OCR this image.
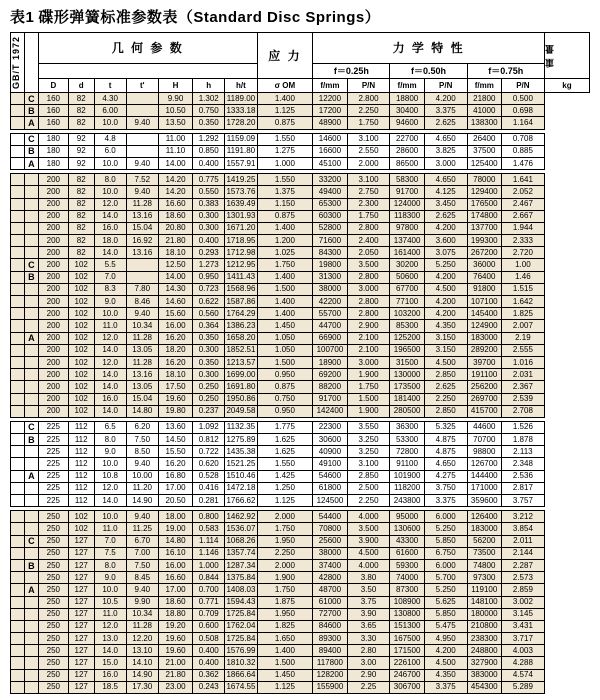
表1 碟形弹簧标准参数表（Standard Disc Springs）
GB/T 1972		几 何 参 数							应 力	力 学 特 性						重 量

										f＝0.25h		f＝0.50h		f＝0.75h		
		D	d	t	t'	H	h	h/t	σ OM	f/mm	P/N	f/mm	P/N	f/mm	P/N	kg
	C	160	82	4.30		9.90	1.302	1189.00	1.400	12200	2.800	18800	4.200	21800	0.500	
	B	160	82	6.00		10.50	0.750	1333.18	1.125	17200	2.250	30400	3.375	41000	0.698	
	A	160	82	10.0	9.40	13.50	0.350	1728.20	0.875	48900	1.750	94600	2.625	138300	1.164	

	C	180	92	4.8		11.00	1.292	1159.09	1.550	14600	3.100	22700	4.650	26400	0.708	
	B	180	92	6.0		11.10	0.850	1191.80	1.275	16600	2.550	28600	3.825	37500	0.885	
	A	180	92	10.0	9.40	14.00	0.400	1557.91	1.000	45100	2.000	86500	3.000	125400	1.476	

		200	82	8.0	7.52	14.20	0.775	1419.25	1.550	33200	3.100	58300	4.650	78000	1.641	
		200	82	10.0	9.40	14.20	0.550	1573.76	1.375	49400	2.750	91700	4.125	129400	2.052	
		200	82	12.0	11.28	16.60	0.383	1639.49	1.150	65300	2.300	124000	3.450	176500	2.467	
		200	82	14.0	13.16	18.60	0.300	1301.93	0.875	60300	1.750	118300	2.625	174800	2.667	
		200	82	16.0	15.04	20.80	0.300	1671.20	1.400	52800	2.800	97800	4.200	137700	1.944	
		200	82	18.0	16.92	21.80	0.400	1718.95	1.200	71600	2.400	137400	3.600	199300	2.333	
		200	82	14.0	13.16	18.10	0.293	1712.98	1.025	84300	2.050	161400	3.075	267200	2.720	
	C	200	102	5.5		12.50	1.273	1212.95	1.750	19800	3.500	30200	5.250	36000	1.00	
	B	200	102	7.0		14.00	0.950	1411.43	1.400	31300	2.800	50600	4.200	76400	1.46	
		200	102	8.3	7.80	14.30	0.723	1568.96	1.500	38000	3.000	67700	4.500	91800	1.515	
		200	102	9.0	8.46	14.60	0.622	1587.86	1.400	42200	2.800	77100	4.200	107100	1.642	
		200	102	10.0	9.40	15.60	0.560	1764.29	1.400	55700	2.800	103200	4.200	145400	1.825	
		200	102	11.0	10.34	16.00	0.364	1386.23	1.450	44700	2.900	85300	4.350	124900	2.007	
	A	200	102	12.0	11.28	16.20	0.350	1658.20	1.050	66900	2.100	125200	3.150	183000	2.19	
		200	102	14.0	13.05	18.20	0.300	1852.51	1.050	100700	2.100	196500	3.150	289200	2.555	
		200	102	12.0	11.28	16.20	0.350	1213.57	1.500	18900	3.000	31500	4.500	39700	1.016	
		200	102	14.0	13.16	18.10	0.300	1699.00	0.950	69200	1.900	130000	2.850	191100	2.031	
		200	102	14.0	13.05	17.50	0.250	1691.80	0.875	88200	1.750	173500	2.625	256200	2.367	
		200	102	16.0	15.04	19.60	0.250	1950.86	0.750	91700	1.500	181400	2.250	269700	2.539	
		200	102	14.0	14.80	19.80	0.237	2049.58	0.950	142400	1.900	280500	2.850	415700	2.708	

	C	225	112	6.5	6.20	13.60	1.092	1132.35	1.775	22300	3.550	36300	5.325	44600	1.526	
	B	225	112	8.0	7.50	14.50	0.812	1275.89	1.625	30600	3.250	53300	4.875	70700	1.878	
		225	112	9.0	8.50	15.50	0.722	1435.38	1.625	40900	3.250	72800	4.875	98800	2.113	
		225	112	10.0	9.40	16.20	0.620	1521.25	1.550	49100	3.100	91100	4.650	126700	2.348	
	A	225	112	10.8	10.00	16.80	0.528	1510.46	1.425	54600	2.850	101900	4.275	144400	2.536	
		225	112	12.0	11.20	17.00	0.416	1472.18	1.250	61800	2.500	118200	3.750	171000	2.817	
		225	112	14.0	14.90	20.50	0.281	1766.62	1.125	124500	2.250	243800	3.375	359600	3.757	

		250	102	10.0	9.40	18.00	0.800	1462.92	2.000	54400	4.000	95000	6.000	126400	3.212	
		250	102	11.0	11.25	19.00	0.583	1536.07	1.750	70800	3.500	130600	5.250	183000	3.854	
	C	250	127	7.0	6.70	14.80	1.114	1068.26	1.950	25600	3.900	43300	5.850	56200	2.011	
		250	127	7.5	7.00	16.10	1.146	1357.74	2.250	38000	4.500	61600	6.750	73500	2.144	
	B	250	127	8.0	7.50	16.00	1.000	1287.34	2.000	37400	4.000	59300	6.000	74800	2.287	
		250	127	9.0	8.45	16.60	0.844	1375.84	1.900	42800	3.80	74000	5.700	97300	2.573	
	A	250	127	10.0	9.40	17.00	0.700	1408.03	1.750	48700	3.50	87300	5.250	119100	2.859	
		250	127	10.5	9.90	18.60	0.771	1594.43	1.875	61000	3.75	108900	5.625	148100	3.002	
		250	127	11.0	10.34	18.80	0.709	1725.84	1.950	72700	3.90	130800	5.850	180000	3.145	
		250	127	12.0	11.28	19.20	0.600	1762.04	1.825	84600	3.65	151300	5.475	210800	3.431	
		250	127	13.0	12.20	19.60	0.508	1725.84	1.650	89300	3.30	167500	4.950	238300	3.717	
		250	127	14.0	13.10	19.60	0.400	1576.99	1.400	89400	2.80	171500	4.200	248800	4.003	
		250	127	15.0	14.10	21.00	0.400	1810.32	1.500	117800	3.00	226100	4.500	327900	4.288	
		250	127	16.0	14.90	21.80	0.362	1866.64	1.450	128200	2.90	246700	4.350	383000	4.574	
		250	127	18.5	17.30	23.00	0.243	1674.55	1.125	155900	2.25	306700	3.375	454300	5.289	
